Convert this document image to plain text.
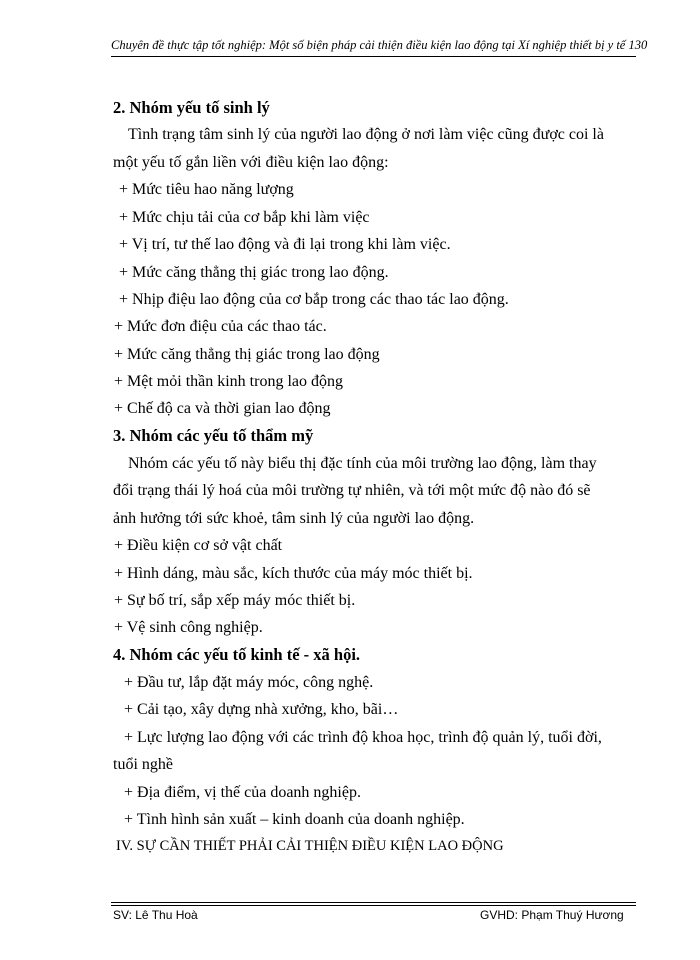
Chuyên đề thực tập tốt nghiệp: Một số biện pháp cải thiện điều kiện lao động tại Xí nghiệp thiết bị y tế 130
2. Nhóm yếu tố sinh lý
Tình trạng tâm sinh lý của người lao động ở nơi làm việc cũng được coi là
một yếu tố gắn liền với điều kiện lao động:
+ Mức tiêu hao năng lượng
+ Mức chịu tải của cơ bắp khi làm việc
+ Vị trí, tư thế lao động và đi lại trong khi làm việc.
+ Mức căng thẳng thị giác trong lao động.
+ Nhịp điệu lao động của cơ bắp trong các thao tác lao động.
+ Mức đơn điệu của các thao tác.
+ Mức căng thẳng thị giác trong lao động
+ Mệt mỏi thần kinh trong lao động
+ Chế độ ca và thời gian lao động
3. Nhóm các yếu tố thẩm mỹ
Nhóm các yếu tố này biểu thị đặc tính của môi trường lao động, làm thay
đổi trạng thái lý hoá của môi trường tự nhiên, và tới một mức độ nào đó sẽ
ảnh hưởng tới sức khoẻ, tâm sinh lý của người lao động.
+ Điều kiện cơ sở vật chất
+ Hình dáng, màu sắc, kích thước của máy móc thiết bị.
+ Sự bố trí, sắp xếp máy móc thiết bị.
+ Vệ sinh công nghiệp.
4. Nhóm các yếu tố kinh tế - xã hội.
+ Đầu tư, lắp đặt máy móc, công nghệ.
+ Cải tạo, xây dựng nhà xưởng, kho, bãi…
+ Lực lượng lao động với các trình độ khoa học, trình độ quản lý, tuổi đời,
tuổi nghề
+ Địa điểm, vị thế của doanh nghiệp.
+ Tình hình sản xuất – kinh doanh của doanh nghiệp.
IV. SỰ CẦN THIẾT PHẢI CẢI THIỆN ĐIỀU KIỆN LAO ĐỘNG
SV: Lê Thu Hoà	GVHD: Phạm Thuý Hương
